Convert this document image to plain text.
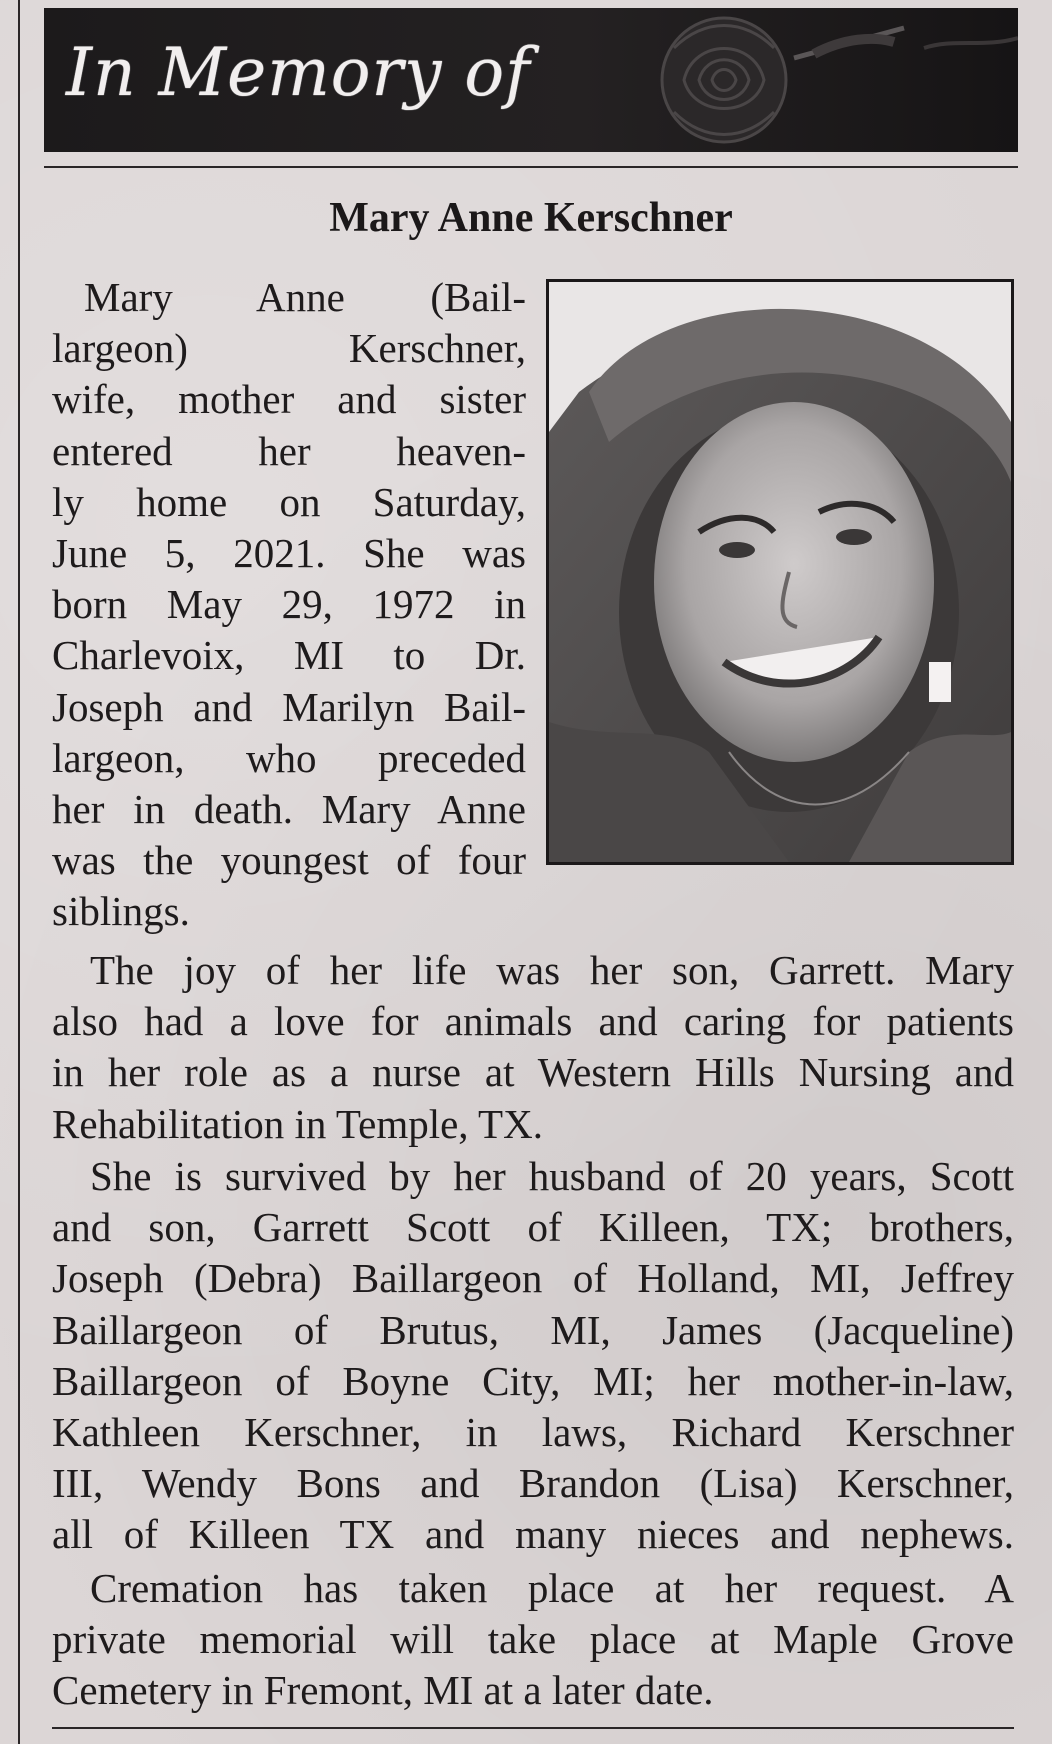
In Memory of
Mary Anne Kerschner

Mary Anne (Bail-
largeon) Kerschner,
wife, mother and sister
entered her heaven-
ly home on Saturday,
June 5, 2021. She was
born May 29, 1972 in
Charlevoix, MI to Dr.
Joseph and Marilyn Bail-
largeon, who preceded
her in death. Mary Anne
was the youngest of four
siblings.

The joy of her life was her son, Garrett. Mary
also had a love for animals and caring for patients
in her role as a nurse at Western Hills Nursing and
Rehabilitation in Temple, TX.

She is survived by her husband of 20 years, Scott
and son, Garrett Scott of Killeen, TX; brothers,
Joseph (Debra) Baillargeon of Holland, MI, Jeffrey
Baillargeon of Brutus, MI, James (Jacqueline)
Baillargeon of Boyne City, MI; her mother-in-law,
Kathleen Kerschner, in laws, Richard Kerschner
III, Wendy Bons and Brandon (Lisa) Kerschner,
all of Killeen TX and many nieces and nephews.

Cremation has taken place at her request. A
private memorial will take place at Maple Grove
Cemetery in Fremont, MI at a later date.
